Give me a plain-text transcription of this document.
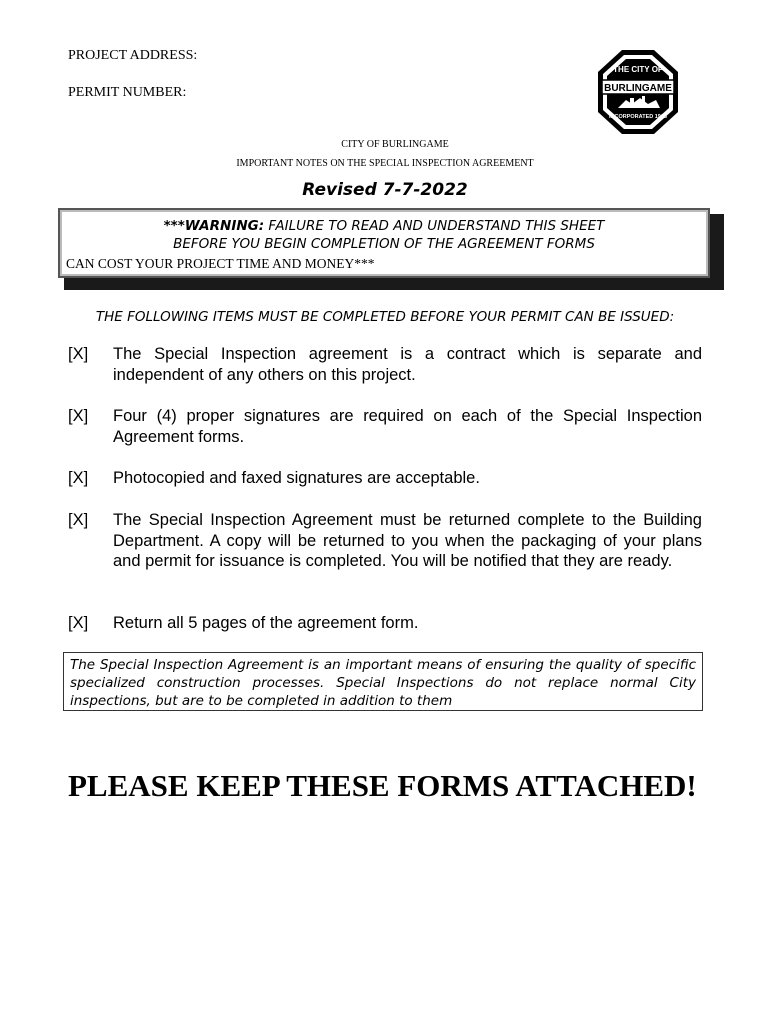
PROJECT ADDRESS:
PERMIT NUMBER:	BURLINGAME
THE CITY OF
INCORPORATED 1908
CITY OF BURLINGAME
IMPORTANT NOTES ON THE SPECIAL INSPECTION AGREEMENT
Revised 7-7-2022
***WARNING: FAILURE TO READ AND UNDERSTAND THIS SHEET
BEFORE YOU BEGIN COMPLETION OF THE AGREEMENT FORMS
CAN COST YOUR PROJECT TIME AND MONEY***
THE FOLLOWING ITEMS MUST BE COMPLETED BEFORE YOUR PERMIT CAN BE ISSUED:
[X] The Special Inspection agreement is a contract which is separate and independent of any others on this project.
[X] Four (4) proper signatures are required on each of the Special Inspection Agreement forms.
[X] Photocopied and faxed signatures are acceptable.
[X] The Special Inspection Agreement must be returned complete to the Building Department. A copy will be returned to you when the packaging of your plans and permit for issuance is completed. You will be notified that they are ready.
[X] Return all 5 pages of the agreement form.
The Special Inspection Agreement is an important means of ensuring the quality of specific specialized construction processes. Special Inspections do not replace normal City inspections, but are to be completed in addition to them
PLEASE KEEP THESE FORMS ATTACHED!
